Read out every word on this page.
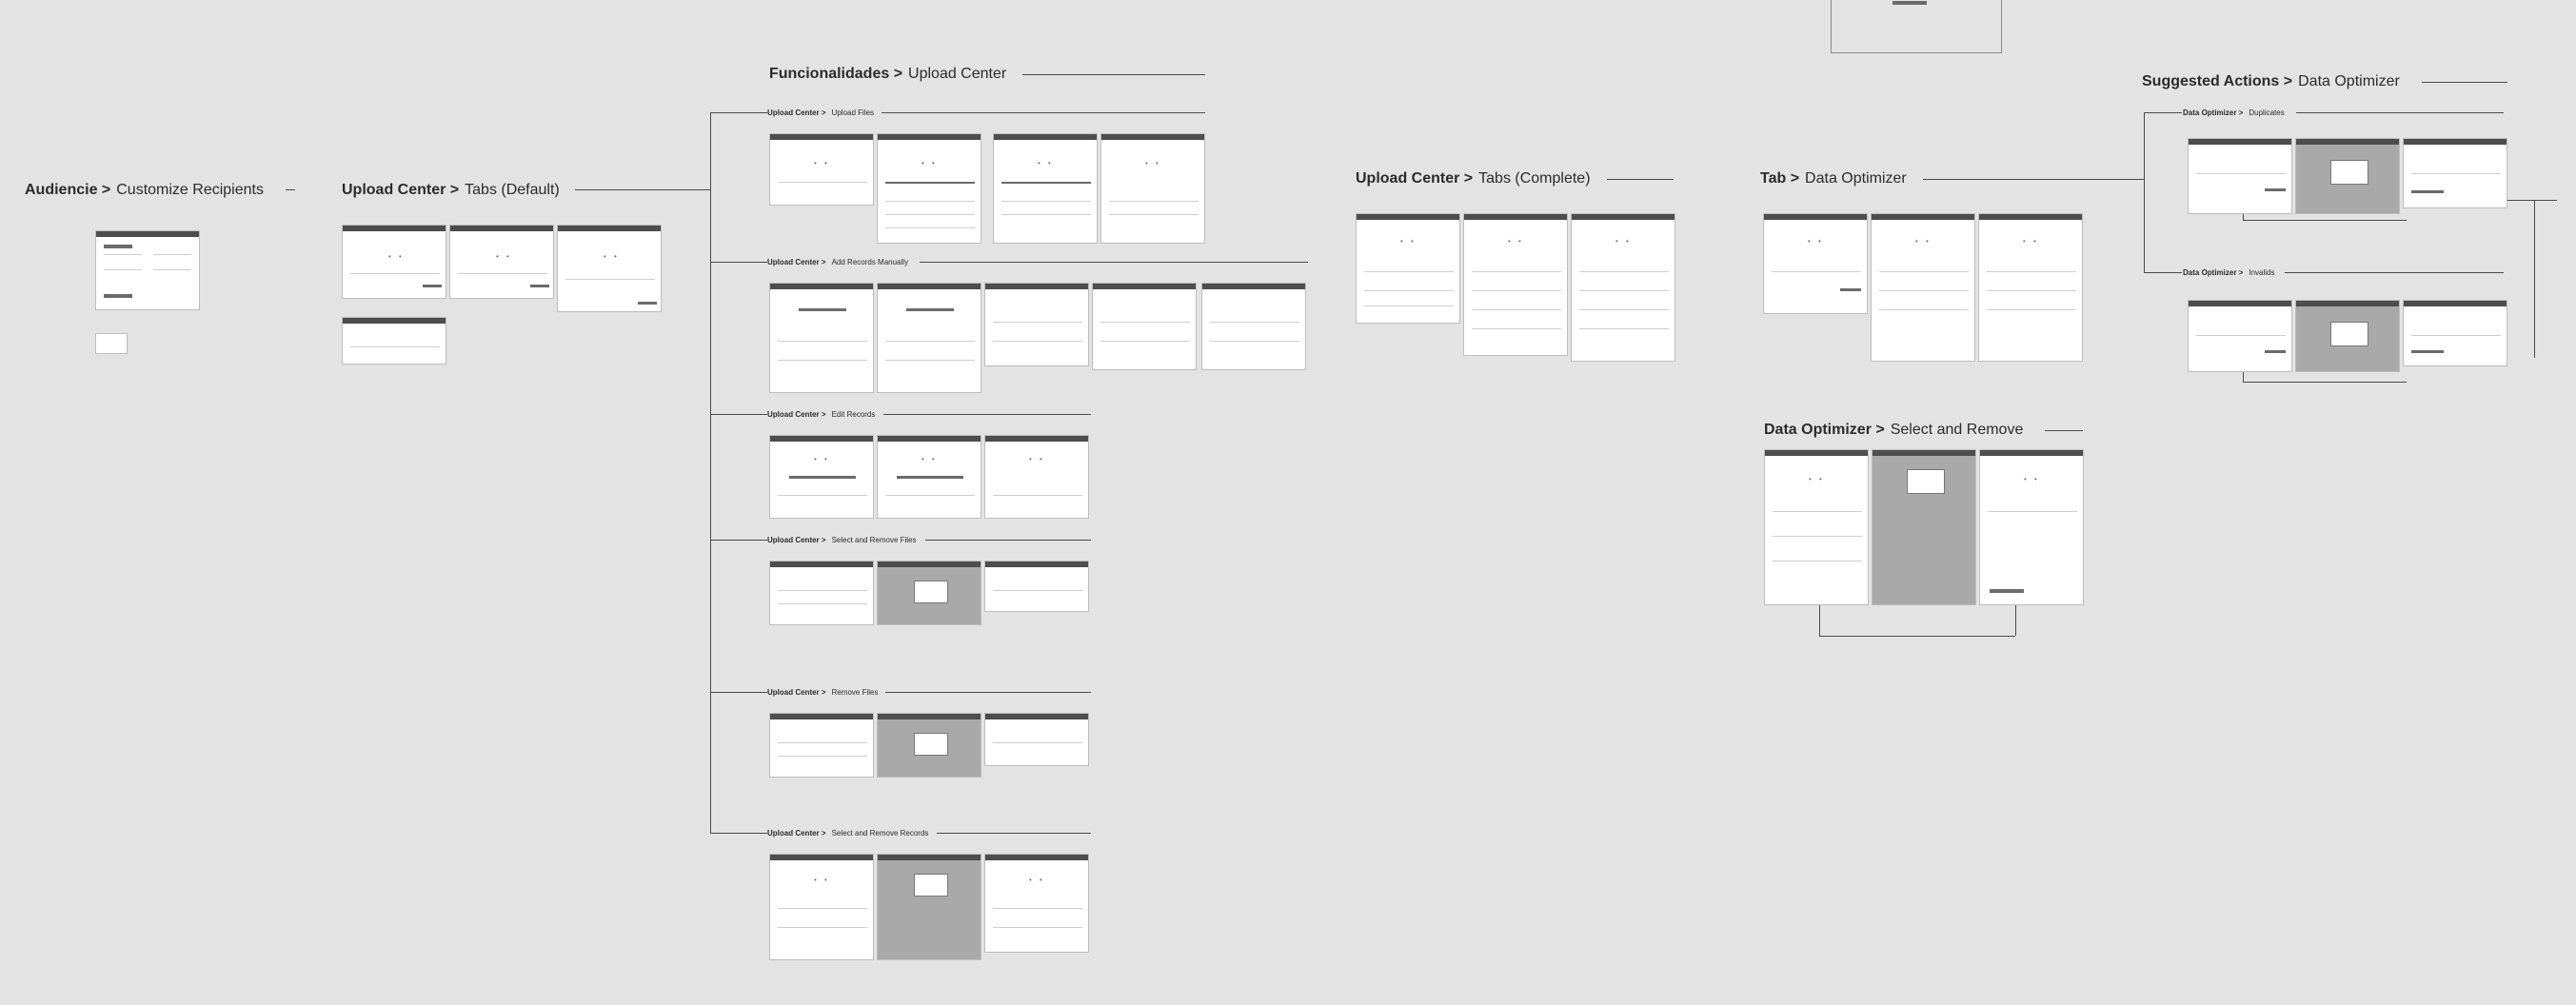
Audiencie > Customize Recipients	Upload Center > Tabs (Default)
• •	• •	• •
Funcionalidades > Upload Center
Upload Center > Upload Files
• •	• •	• •	• •
Upload Center > Add Records Manually
Upload Center > Edit Records
• •	• •	• •
Upload Center > Select and Remove Files
Upload Center > Remove Files
Upload Center > Select and Remove Records
• •	• •
Upload Center > Tabs (Complete)
• •	• •	• •
Tab > Data Optimizer
• •	• •	• •
Data Optimizer > Select and Remove
• •	• •
Suggested Actions > Data Optimizer
Data Optimizer > Duplicates
Data Optimizer > Invalids
